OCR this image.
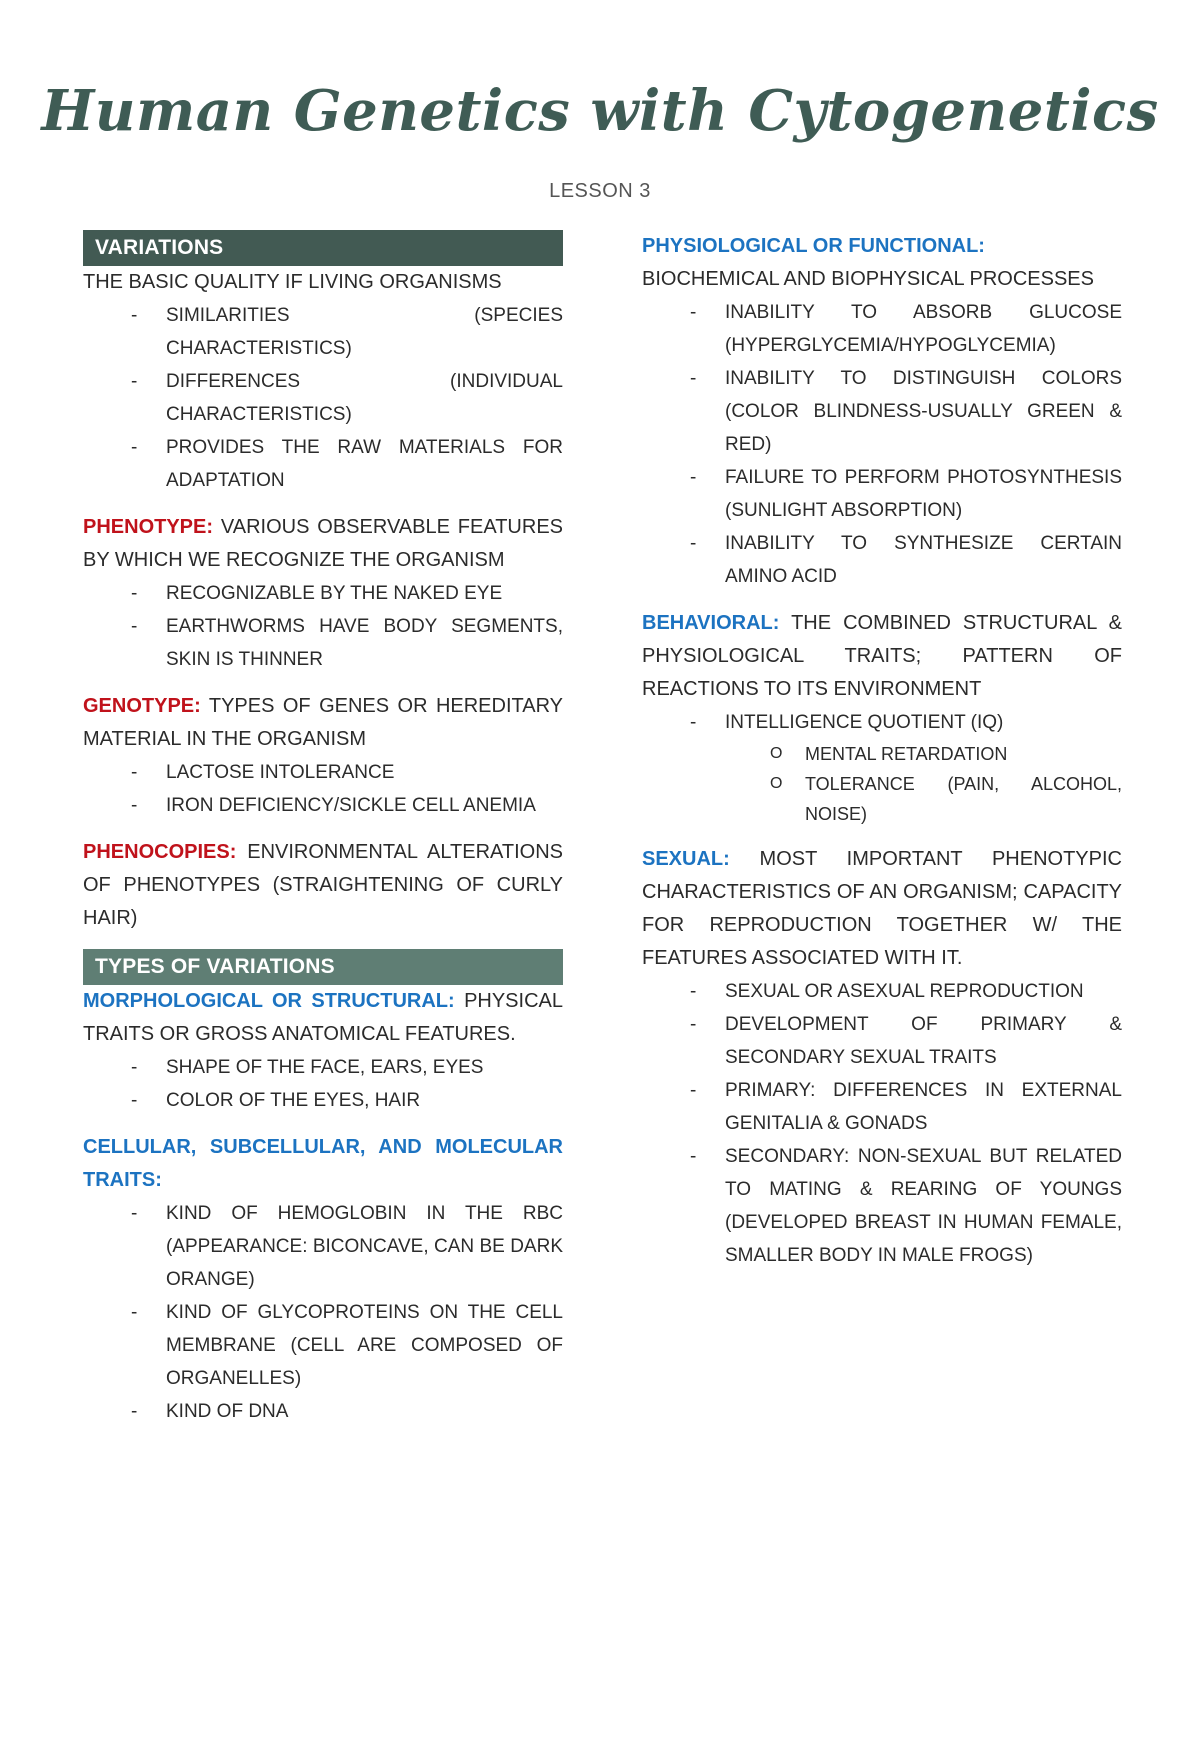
Human Genetics with Cytogenetics
LESSON 3
VARIATIONS
THE BASIC QUALITY IF LIVING ORGANISMS
- SIMILARITIES (SPECIES CHARACTERISTICS)
- DIFFERENCES (INDIVIDUAL CHARACTERISTICS)
- PROVIDES THE RAW MATERIALS FOR ADAPTATION
PHENOTYPE: VARIOUS OBSERVABLE FEATURES BY WHICH WE RECOGNIZE THE ORGANISM
- RECOGNIZABLE BY THE NAKED EYE
- EARTHWORMS HAVE BODY SEGMENTS, SKIN IS THINNER
GENOTYPE: TYPES OF GENES OR HEREDITARY MATERIAL IN THE ORGANISM
- LACTOSE INTOLERANCE
- IRON DEFICIENCY/SICKLE CELL ANEMIA
PHENOCOPIES: ENVIRONMENTAL ALTERATIONS OF PHENOTYPES (STRAIGHTENING OF CURLY HAIR)
TYPES OF VARIATIONS
MORPHOLOGICAL OR STRUCTURAL: PHYSICAL TRAITS OR GROSS ANATOMICAL FEATURES.
- SHAPE OF THE FACE, EARS, EYES
- COLOR OF THE EYES, HAIR
CELLULAR, SUBCELLULAR, AND MOLECULAR TRAITS:
- KIND OF HEMOGLOBIN IN THE RBC (APPEARANCE: BICONCAVE, CAN BE DARK ORANGE)
- KIND OF GLYCOPROTEINS ON THE CELL MEMBRANE (CELL ARE COMPOSED OF ORGANELLES)
- KIND OF DNA
PHYSIOLOGICAL OR FUNCTIONAL:
BIOCHEMICAL AND BIOPHYSICAL PROCESSES
- INABILITY TO ABSORB GLUCOSE (HYPERGLYCEMIA/HYPOGLYCEMIA)
- INABILITY TO DISTINGUISH COLORS (COLOR BLINDNESS-USUALLY GREEN & RED)
- FAILURE TO PERFORM PHOTOSYNTHESIS (SUNLIGHT ABSORPTION)
- INABILITY TO SYNTHESIZE CERTAIN AMINO ACID
BEHAVIORAL: THE COMBINED STRUCTURAL & PHYSIOLOGICAL TRAITS; PATTERN OF REACTIONS TO ITS ENVIRONMENT
- INTELLIGENCE QUOTIENT (IQ)
O MENTAL RETARDATION
O TOLERANCE (PAIN, ALCOHOL, NOISE)
SEXUAL: MOST IMPORTANT PHENOTYPIC CHARACTERISTICS OF AN ORGANISM; CAPACITY FOR REPRODUCTION TOGETHER W/ THE FEATURES ASSOCIATED WITH IT.
- SEXUAL OR ASEXUAL REPRODUCTION
- DEVELOPMENT OF PRIMARY & SECONDARY SEXUAL TRAITS
- PRIMARY: DIFFERENCES IN EXTERNAL GENITALIA & GONADS
- SECONDARY: NON-SEXUAL BUT RELATED TO MATING & REARING OF YOUNGS (DEVELOPED BREAST IN HUMAN FEMALE, SMALLER BODY IN MALE FROGS)
